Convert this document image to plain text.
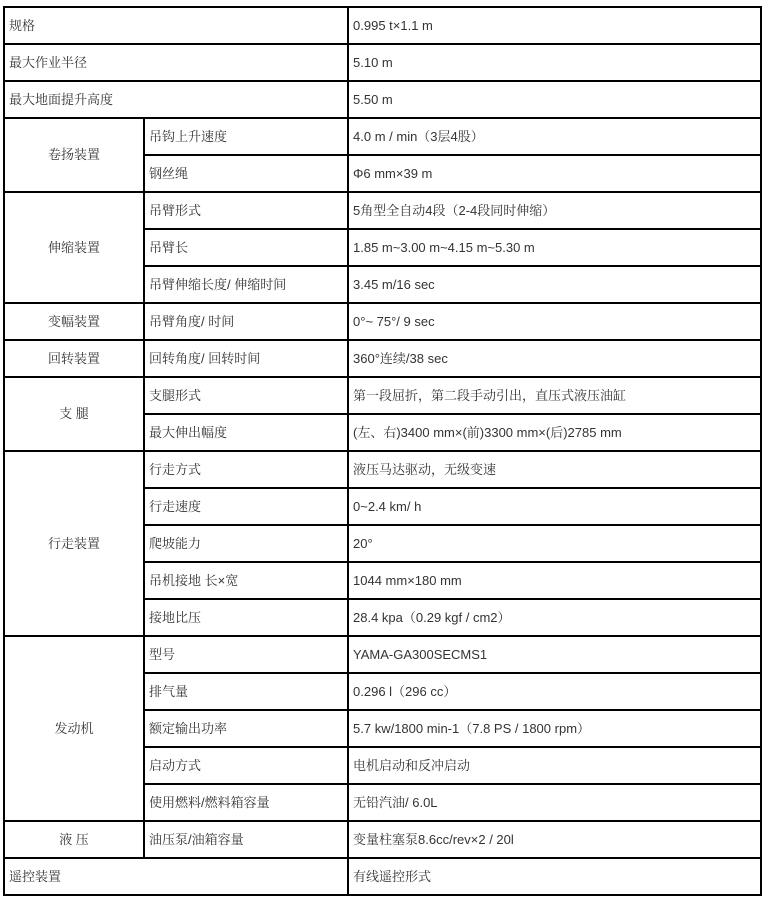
规格		0.995 t×1.1 m
最大作业半径		5.10 m
最大地面提升高度		5.50 m
卷扬装置	吊钩上升速度	4.0 m / min（3层4股）
	钢丝绳	Φ6 mm×39 m
伸缩装置	吊臂形式	5角型全自动4段（2-4段同时伸缩）
	吊臂长	1.85 m~3.00 m~4.15 m~5.30 m
	吊臂伸缩长度/ 伸缩时间	3.45 m/16 sec
变幅装置	吊臂角度/ 时间	0°~ 75°/ 9 sec
回转装置	回转角度/ 回转时间	360°连续/38 sec
支 腿	支腿形式	第一段屈折，第二段手动引出，直压式液压油缸
	最大伸出幅度	(左、右)3400 mm×(前)3300 mm×(后)2785 mm
行走装置	行走方式	液压马达驱动，无级变速
	行走速度	0~2.4 km/ h
	爬坡能力	20°
	吊机接地 长×宽	1044 mm×180 mm
	接地比压	28.4 kpa（0.29 kgf / cm2）
发动机	型号	YAMA-GA300SECMS1
	排气量	0.296 l（296 cc）
	额定输出功率	5.7 kw/1800 min-1（7.8 PS / 1800 rpm）
	启动方式	电机启动和反冲启动
	使用燃料/燃料箱容量	无铅汽油/ 6.0L
液 压	油压泵/油箱容量	变量柱塞泵8.6cc/rev×2 / 20l
遥控装置		有线遥控形式
